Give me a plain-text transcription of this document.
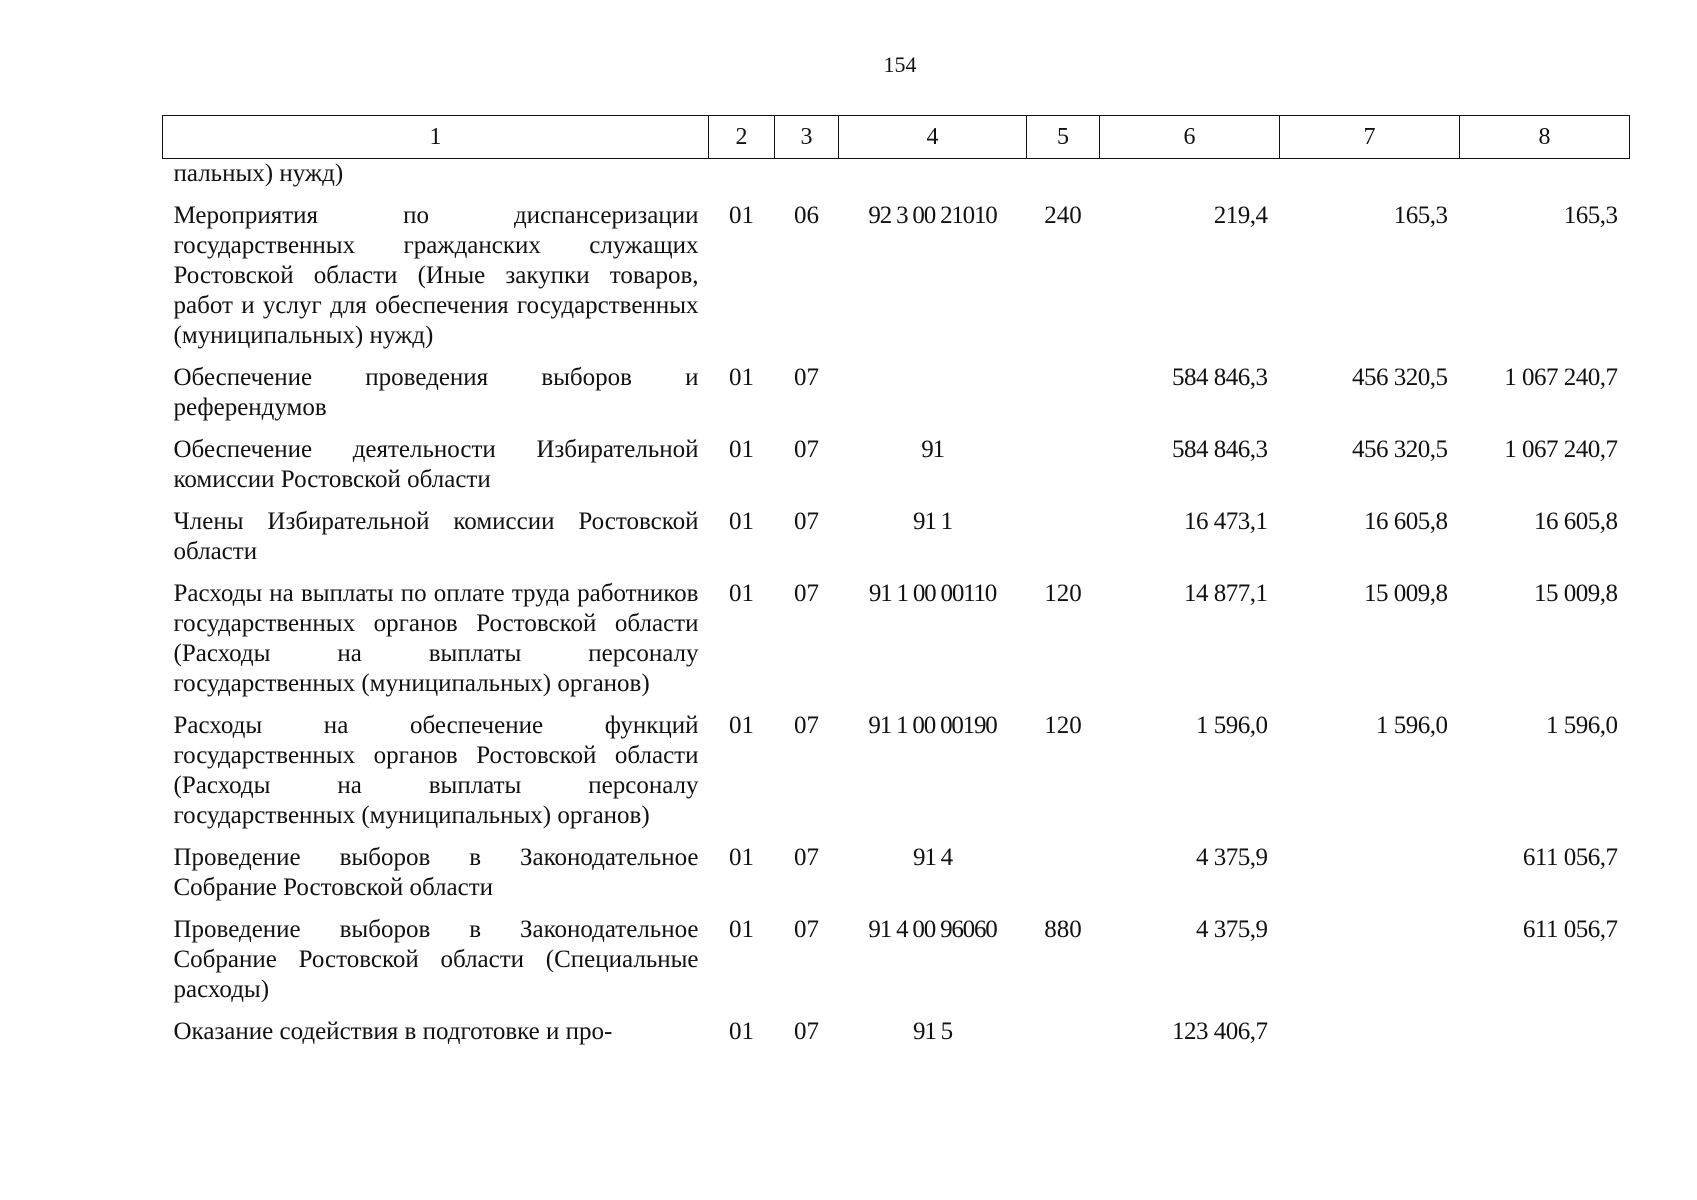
154
1	2	3	4	5	6	7	8
пальных) нужд)							
Мероприятия по диспансеризации государственных гражданских служащих Ростовской области (Иные закупки товаров, работ и услуг для обеспечения государственных (муниципальных) нужд)	01	06	92 3 00 21010	240	219,4	165,3	165,3
Обеспечение проведения выборов и референдумов	01	07			584 846,3	456 320,5	1 067 240,7
Обеспечение деятельности Избирательной комиссии Ростовской области	01	07	91		584 846,3	456 320,5	1 067 240,7
Члены Избирательной комиссии Ростовской области	01	07	91 1		16 473,1	16 605,8	16 605,8
Расходы на выплаты по оплате труда работников государственных органов Ростовской области (Расходы на выплаты персоналу государственных (муниципальных) органов)	01	07	91 1 00 00110	120	14 877,1	15 009,8	15 009,8
Расходы на обеспечение функций государственных органов Ростовской области (Расходы на выплаты персоналу государственных (муниципальных) органов)	01	07	91 1 00 00190	120	1 596,0	1 596,0	1 596,0
Проведение выборов в Законодательное Собрание Ростовской области	01	07	91 4		4 375,9		611 056,7
Проведение выборов в Законодательное Собрание Ростовской области (Специальные расходы)	01	07	91 4 00 96060	880	4 375,9		611 056,7
Оказание содействия в подготовке и про-	01	07	91 5		123 406,7		
